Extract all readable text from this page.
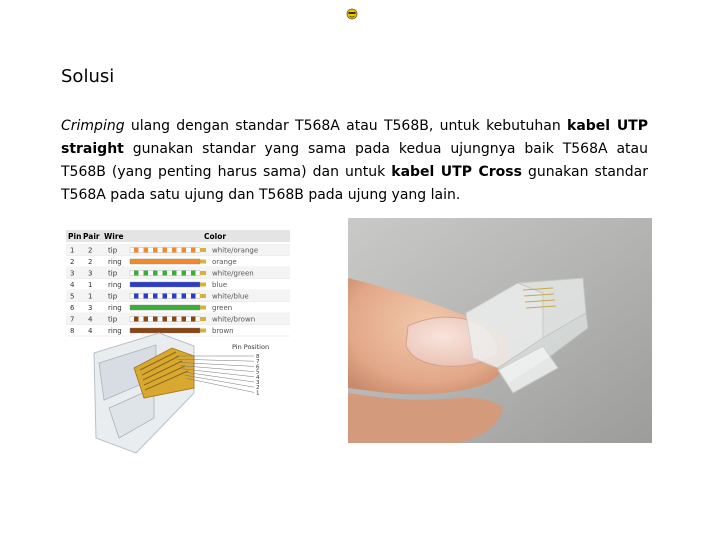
Solusi
Crimping ulang dengan standar T568A atau T568B, untuk kebutuhan kabel UTP straight gunakan standar yang sama pada kedua ujungnya baik T568A atau T568B (yang penting harus sama) dan untuk kabel UTP Cross gunakan standar T568A pada satu ujung dan T568B pada ujung yang lain.
Pin Pair Wire	Color
1 2 tip	white/orange
2 2 ring	orange
3 3 tip	white/green
4 1 ring	blue
5 1 tip	white/blue
6 3 ring	green
7 4 tip	white/brown
8 4 ring	brown
Pin Position
8
7
6
5
4
3
2
1
